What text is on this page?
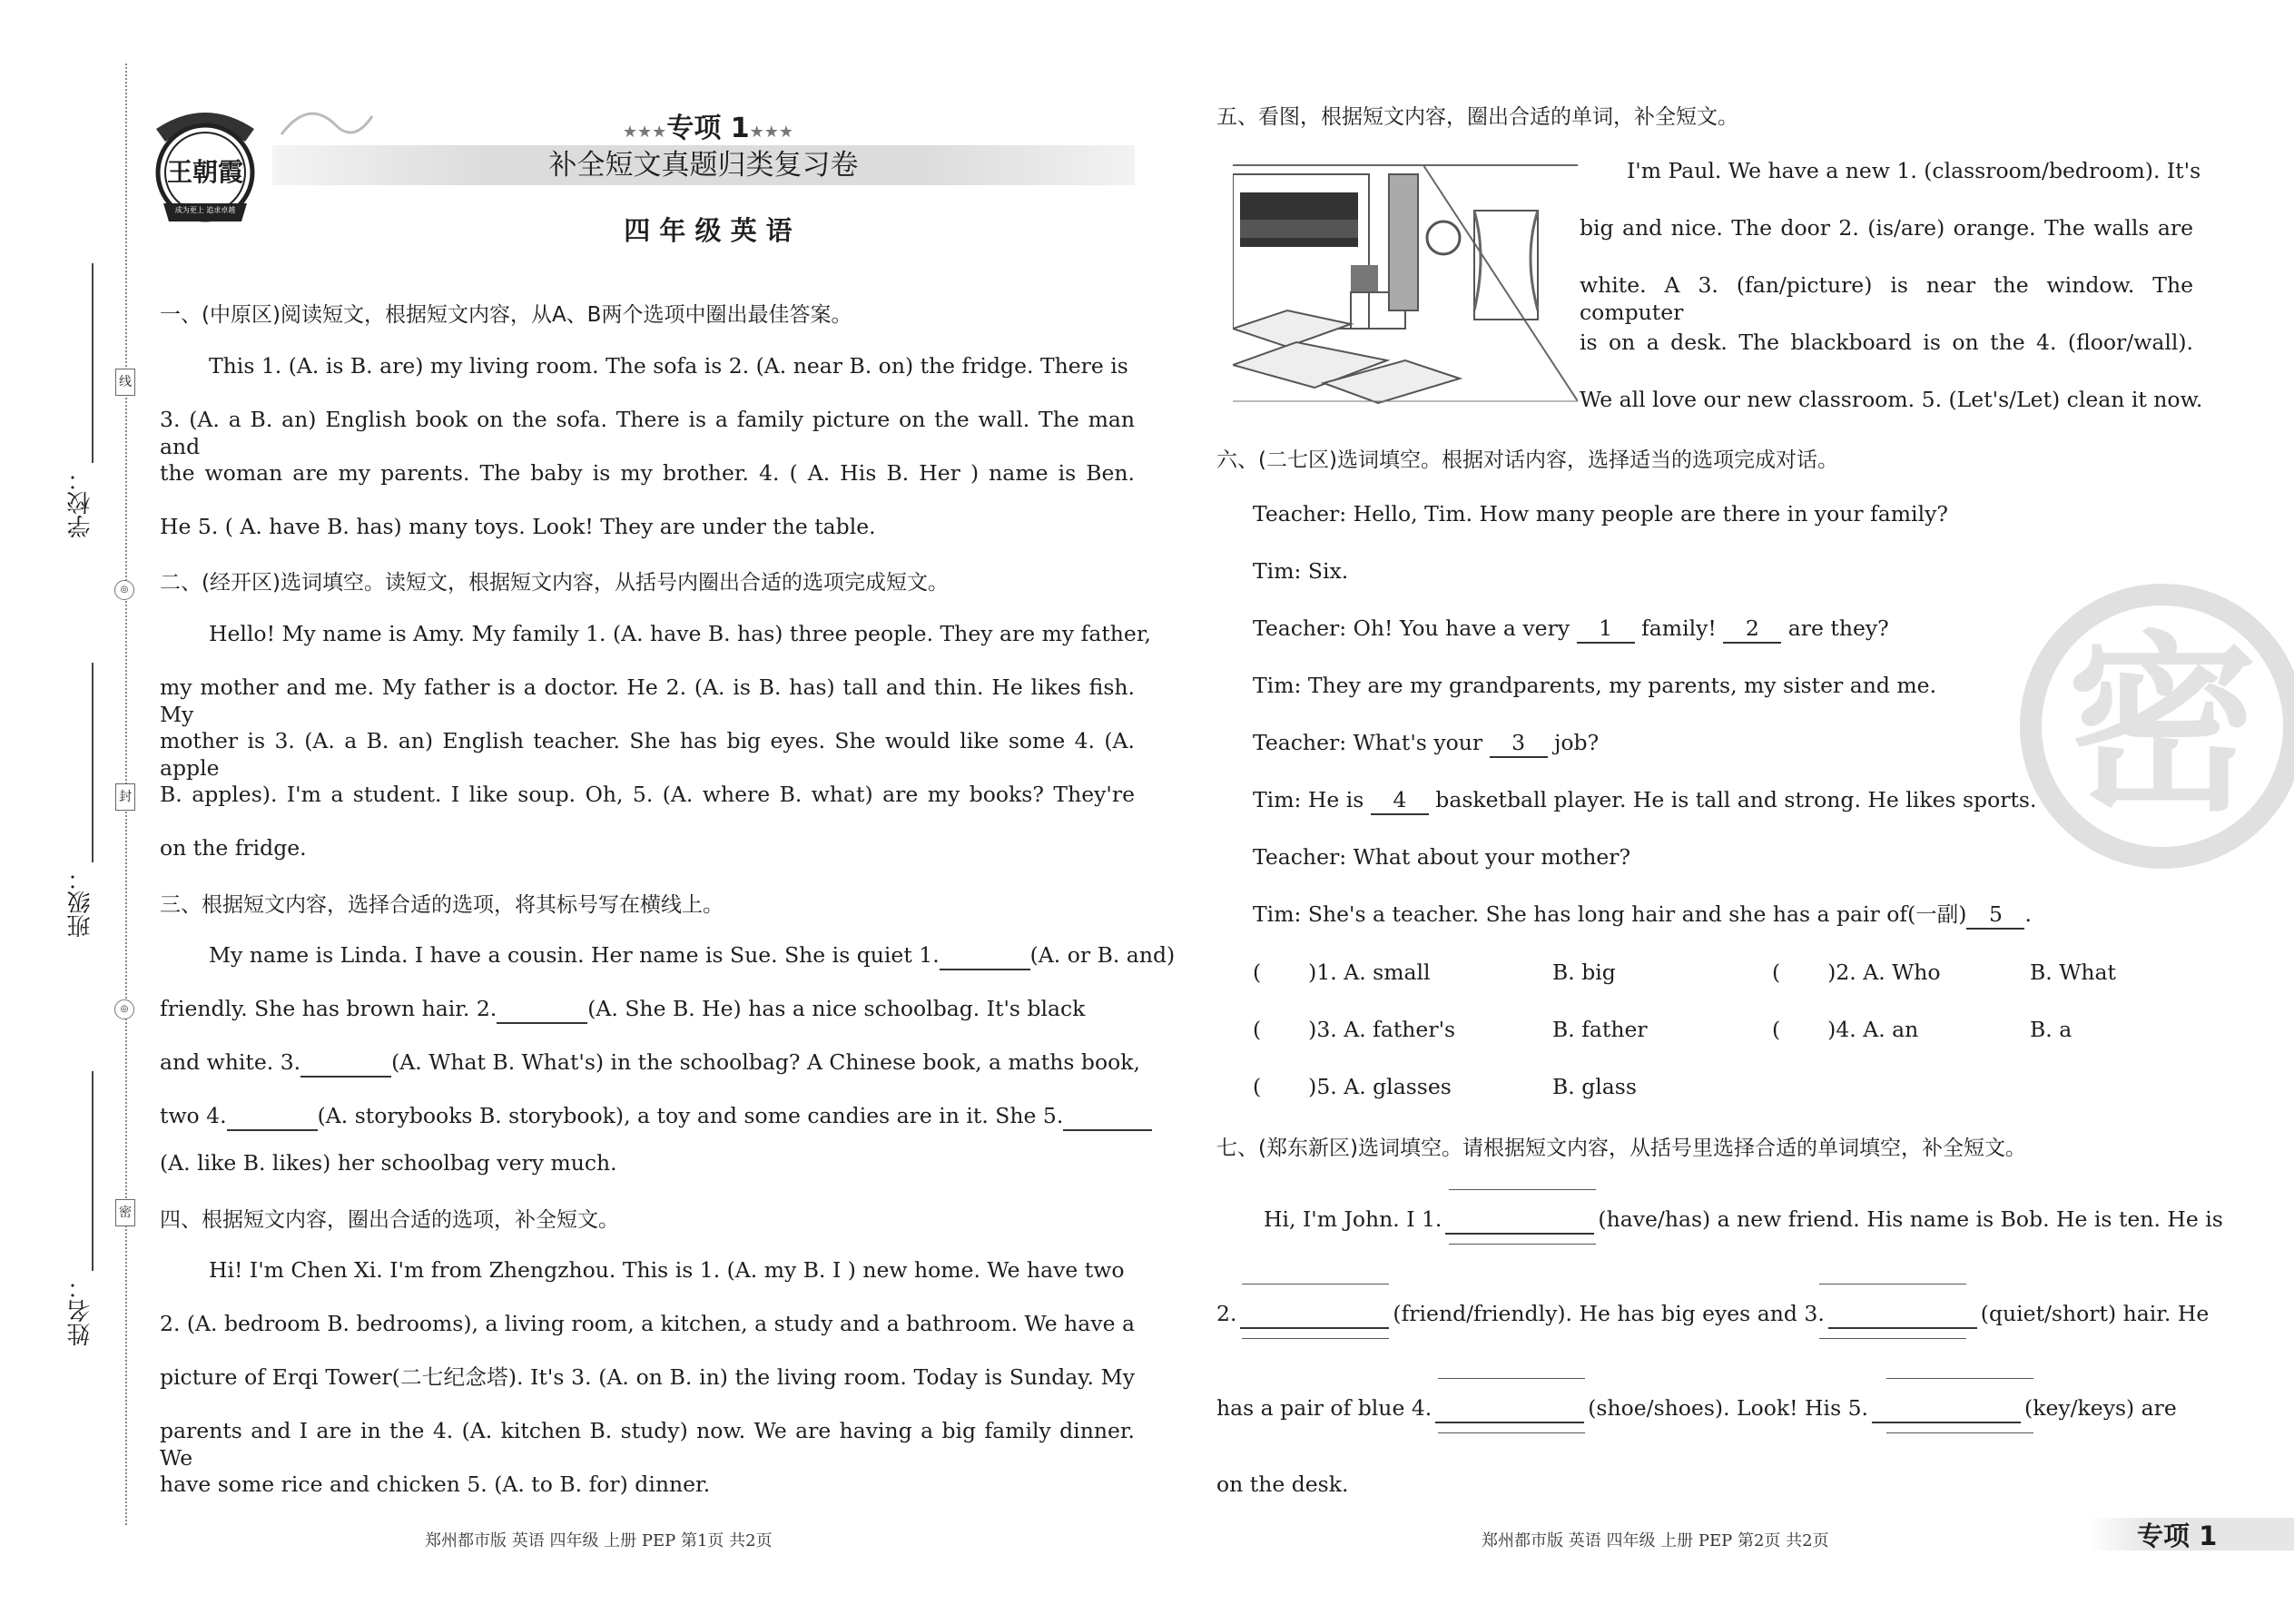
学校：
班级：
姓名：
线
封
密
◎
◎
王朝霞
成为更上 追求卓越
★★★专项 1★★★
补全短文真题归类复习卷
四 年 级 英 语
一、(中原区)阅读短文，根据短文内容，从A、B两个选项中圈出最佳答案。
This 1. (A. is B. are) my living room. The sofa is 2. (A. near B. on) the fridge. There is
3. (A. a B. an) English book on the sofa. There is a family picture on the wall. The man and
the woman are my parents. The baby is my brother. 4. ( A. His B. Her ) name is Ben.
He 5. ( A. have B. has) many toys. Look! They are under the table.
二、(经开区)选词填空。读短文，根据短文内容，从括号内圈出合适的选项完成短文。
Hello! My name is Amy. My family 1. (A. have B. has) three people. They are my father,
my mother and me. My father is a doctor. He 2. (A. is B. has) tall and thin. He likes fish. My
mother is 3. (A. a B. an) English teacher. She has big eyes. She would like some 4. (A. apple
B. apples). I'm a student. I like soup. Oh, 5. (A. where B. what) are my books? They're
on the fridge.
三、根据短文内容，选择合适的选项，将其标号写在横线上。
My name is Linda. I have a cousin. Her name is Sue. She is quiet 1.	(A. or B. and)
friendly. She has brown hair. 2.	(A. She B. He) has a nice schoolbag. It's black
and white. 3.	(A. What B. What's) in the schoolbag? A Chinese book, a maths book,
two 4.	(A. storybooks B. storybook), a toy and some candies are in it. She 5.
(A. like B. likes) her schoolbag very much.
四、根据短文内容，圈出合适的选项，补全短文。
Hi! I'm Chen Xi. I'm from Zhengzhou. This is 1. (A. my B. I ) new home. We have two
2. (A. bedroom B. bedrooms), a living room, a kitchen, a study and a bathroom. We have a
picture of Erqi Tower(二七纪念塔). It's 3. (A. on B. in) the living room. Today is Sunday. My
parents and I are in the 4. (A. kitchen B. study) now. We are having a big family dinner. We
have some rice and chicken 5. (A. to B. for) dinner.
郑州都市版 英语 四年级 上册 PEP 第1页 共2页
五、看图，根据短文内容，圈出合适的单词，补全短文。
I'm Paul. We have a new 1. (classroom/bedroom). It's
big and nice. The door 2. (is/are) orange. The walls are
white. A 3. (fan/picture) is near the window. The computer
is on a desk. The blackboard is on the 4. (floor/wall).
We all love our new classroom. 5. (Let's/Let) clean it now.
密
六、(二七区)选词填空。根据对话内容，选择适当的选项完成对话。
Teacher: Hello, Tim. How many people are there in your family?
Tim: Six.
Teacher: Oh! You have a very 1 family! 2 are they?
Tim: They are my grandparents, my parents, my sister and me.
Teacher: What's your 3 job?
Tim: He is 4 basketball player. He is tall and strong. He likes sports.
Teacher: What about your mother?
Tim: She's a teacher. She has long hair and she has a pair of(一副) 5 .
( )1. A. small	B. big	( )2. A. Who	B. What
( )3. A. father's	B. father	( )4. A. an	B. a
( )5. A. glasses	B. glass
七、(郑东新区)选词填空。请根据短文内容，从括号里选择合适的单词填空，补全短文。
Hi, I'm John. I 1.	(have/has) a new friend. His name is Bob. He is ten. He is
2.	(friend/friendly). He has big eyes and 3.	(quiet/short) hair. He
has a pair of blue 4.	(shoe/shoes). Look! His 5.	(key/keys) are
on the desk.
郑州都市版 英语 四年级 上册 PEP 第2页 共2页	专项 1
